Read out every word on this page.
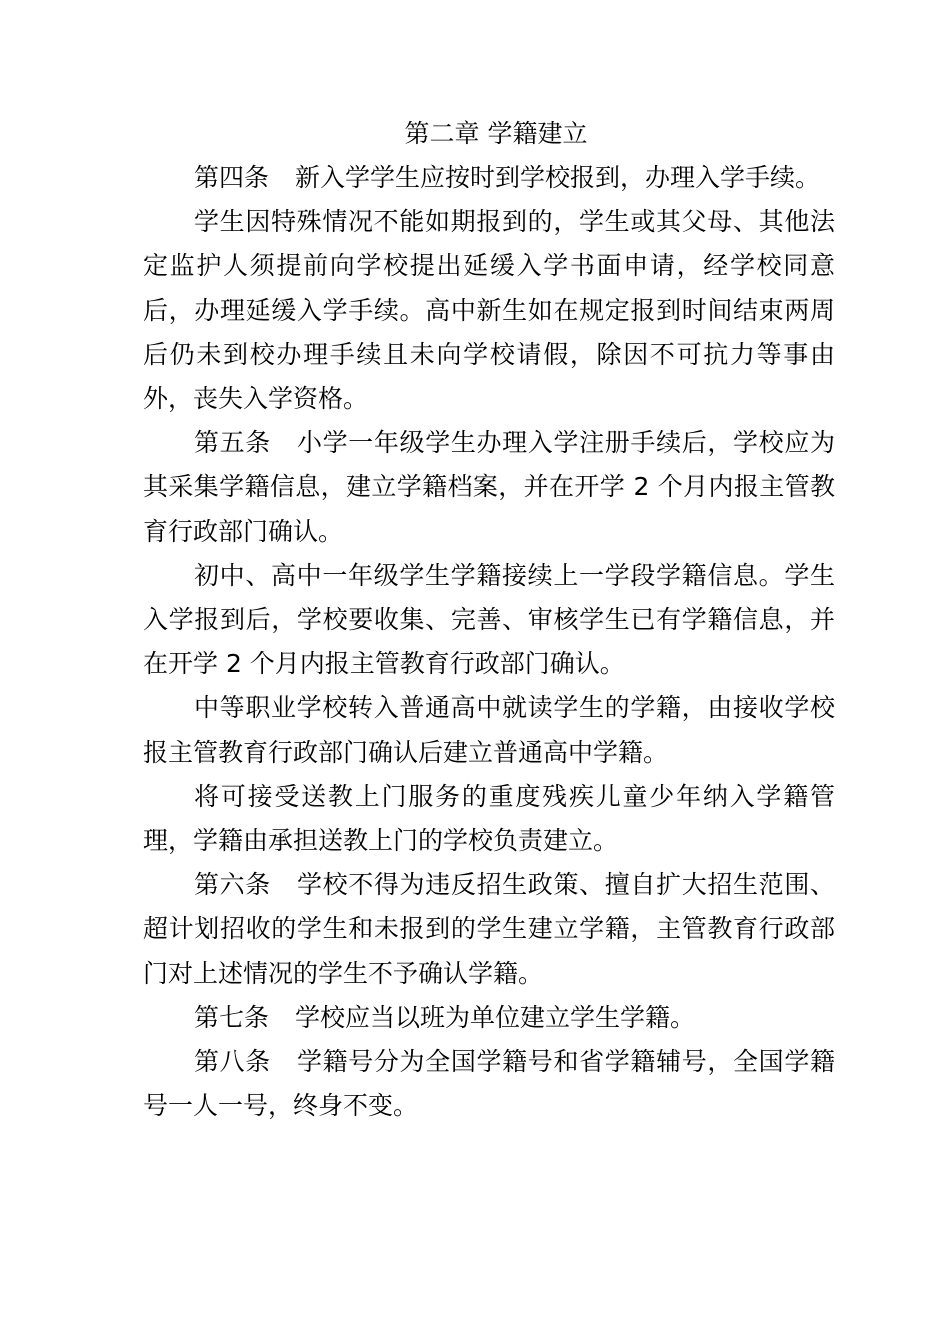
第二章 学籍建立

第四条 新入学学生应按时到学校报到，办理入学手续。

学生因特殊情况不能如期报到的，学生或其父母、其他法定监护人须提前向学校提出延缓入学书面申请，经学校同意后，办理延缓入学手续。高中新生如在规定报到时间结束两周后仍未到校办理手续且未向学校请假，除因不可抗力等事由外，丧失入学资格。

第五条 小学一年级学生办理入学注册手续后，学校应为其采集学籍信息，建立学籍档案，并在开学 2 个月内报主管教育行政部门确认。

初中、高中一年级学生学籍接续上一学段学籍信息。学生入学报到后，学校要收集、完善、审核学生已有学籍信息，并在开学 2 个月内报主管教育行政部门确认。

中等职业学校转入普通高中就读学生的学籍，由接收学校报主管教育行政部门确认后建立普通高中学籍。

将可接受送教上门服务的重度残疾儿童少年纳入学籍管理，学籍由承担送教上门的学校负责建立。

第六条 学校不得为违反招生政策、擅自扩大招生范围、超计划招收的学生和未报到的学生建立学籍，主管教育行政部门对上述情况的学生不予确认学籍。

第七条 学校应当以班为单位建立学生学籍。

第八条 学籍号分为全国学籍号和省学籍辅号，全国学籍号一人一号，终身不变。
